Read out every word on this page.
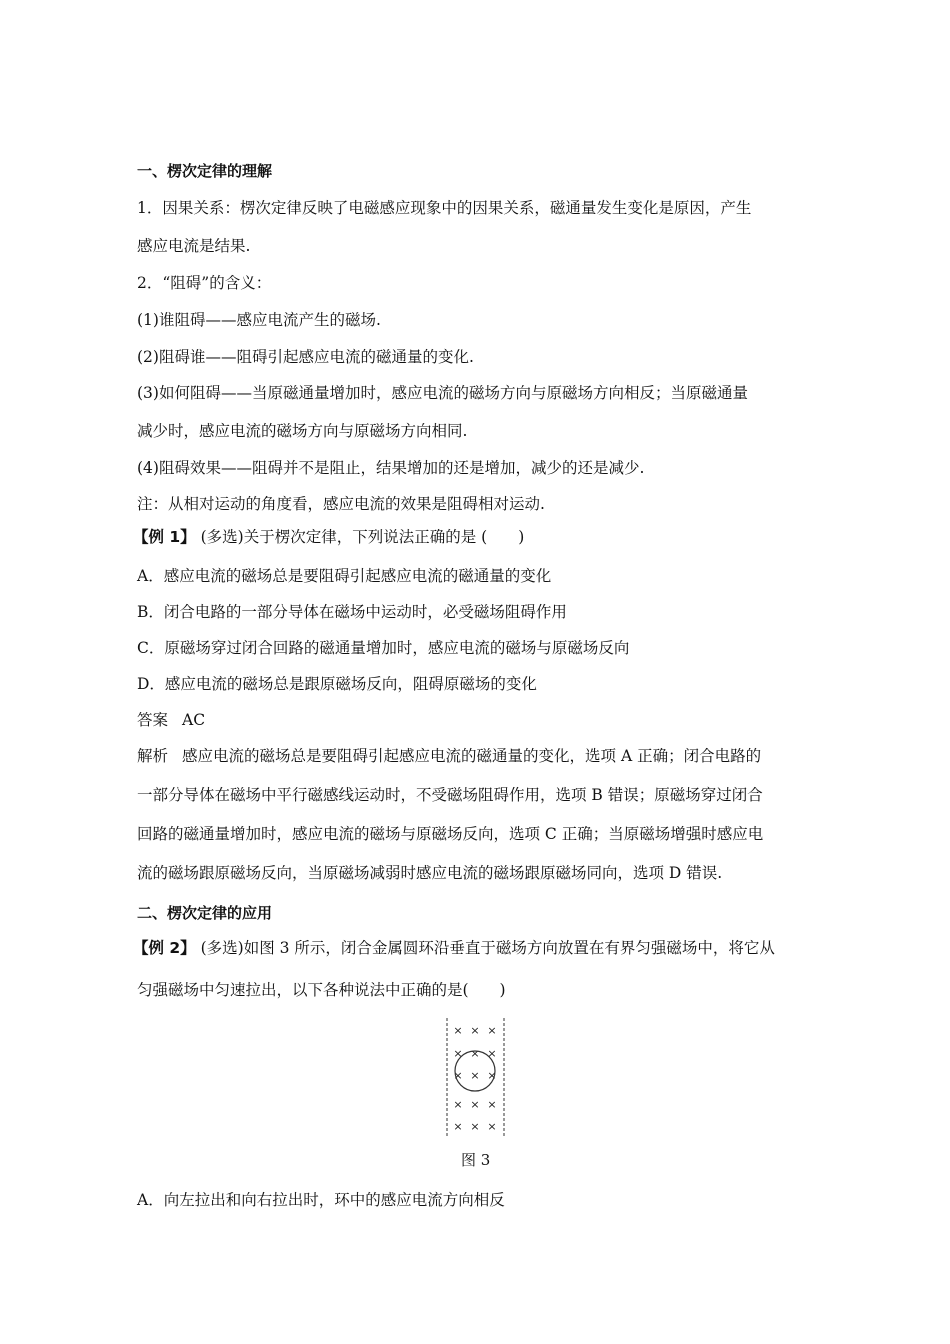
一、楞次定律的理解
1．因果关系：楞次定律反映了电磁感应现象中的因果关系，磁通量发生变化是原因，产生
感应电流是结果.
2．“阻碍”的含义：
(1)谁阻碍——感应电流产生的磁场.
(2)阻碍谁——阻碍引起感应电流的磁通量的变化.
(3)如何阻碍——当原磁通量增加时，感应电流的磁场方向与原磁场方向相反；当原磁通量
减少时，感应电流的磁场方向与原磁场方向相同.
(4)阻碍效果——阻碍并不是阻止，结果增加的还是增加，减少的还是减少.
注：从相对运动的角度看，感应电流的效果是阻碍相对运动.
【例 1】 (多选)关于楞次定律，下列说法正确的是 (　　)
A．感应电流的磁场总是要阻碍引起感应电流的磁通量的变化
B．闭合电路的一部分导体在磁场中运动时，必受磁场阻碍作用
C．原磁场穿过闭合回路的磁通量增加时，感应电流的磁场与原磁场反向
D．感应电流的磁场总是跟原磁场反向，阻碍原磁场的变化
答案 AC
解析 感应电流的磁场总是要阻碍引起感应电流的磁通量的变化，选项 A 正确；闭合电路的
一部分导体在磁场中平行磁感线运动时，不受磁场阻碍作用，选项 B 错误；原磁场穿过闭合
回路的磁通量增加时，感应电流的磁场与原磁场反向，选项 C 正确；当原磁场增强时感应电
流的磁场跟原磁场反向，当原磁场减弱时感应电流的磁场跟原磁场同向，选项 D 错误.
二、楞次定律的应用
【例 2】 (多选)如图 3 所示，闭合金属圆环沿垂直于磁场方向放置在有界匀强磁场中，将它从
匀强磁场中匀速拉出，以下各种说法中正确的是(　　)
× × ×
× × ×
× × ×
× × ×
× × ×
图 3
A．向左拉出和向右拉出时，环中的感应电流方向相反
